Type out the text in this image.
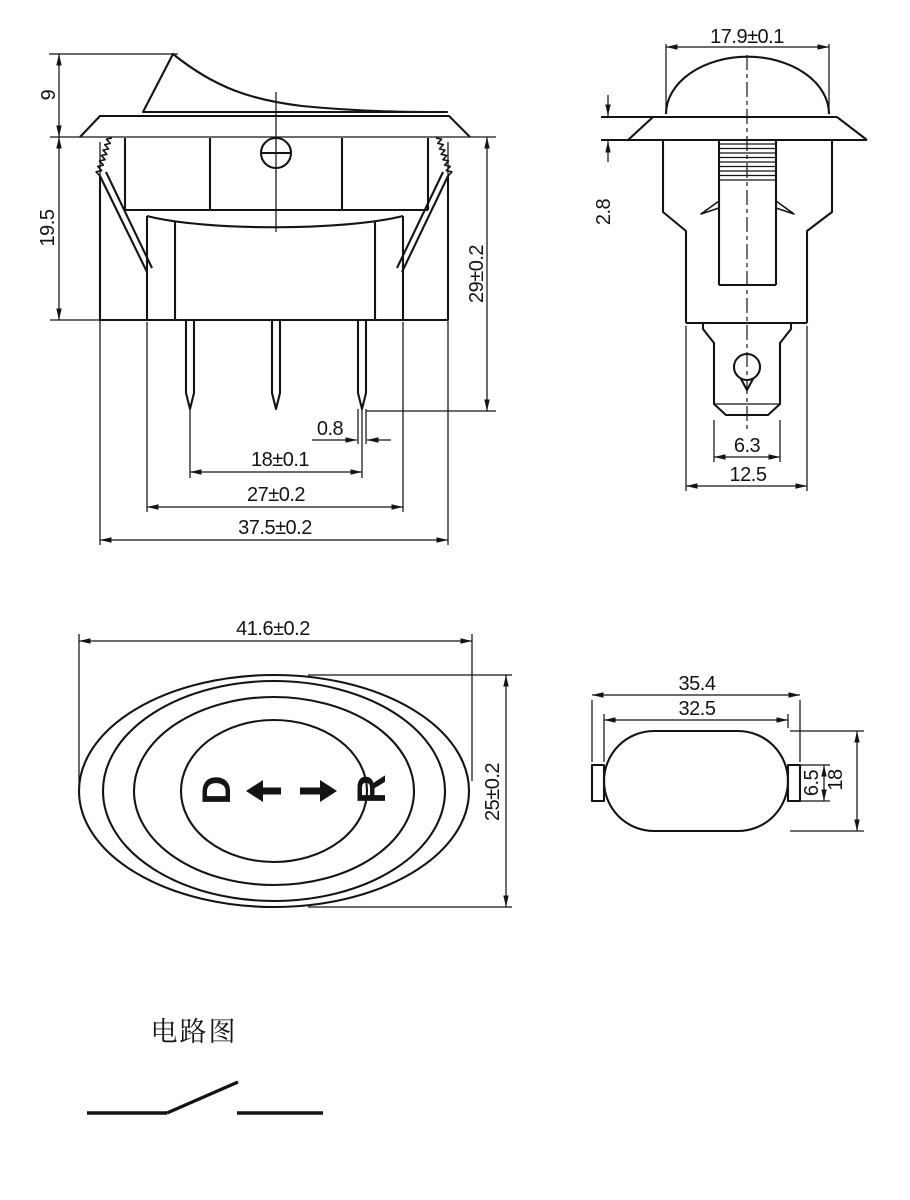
9
19.5
29±0.2
0.8
18±0.1
27±0.2
37.5±0.2
17.9±0.1
2.8
6.3
12.5
D	R
41.6±0.2
25±0.2
35.4
32.5
6.5 18
电路图
